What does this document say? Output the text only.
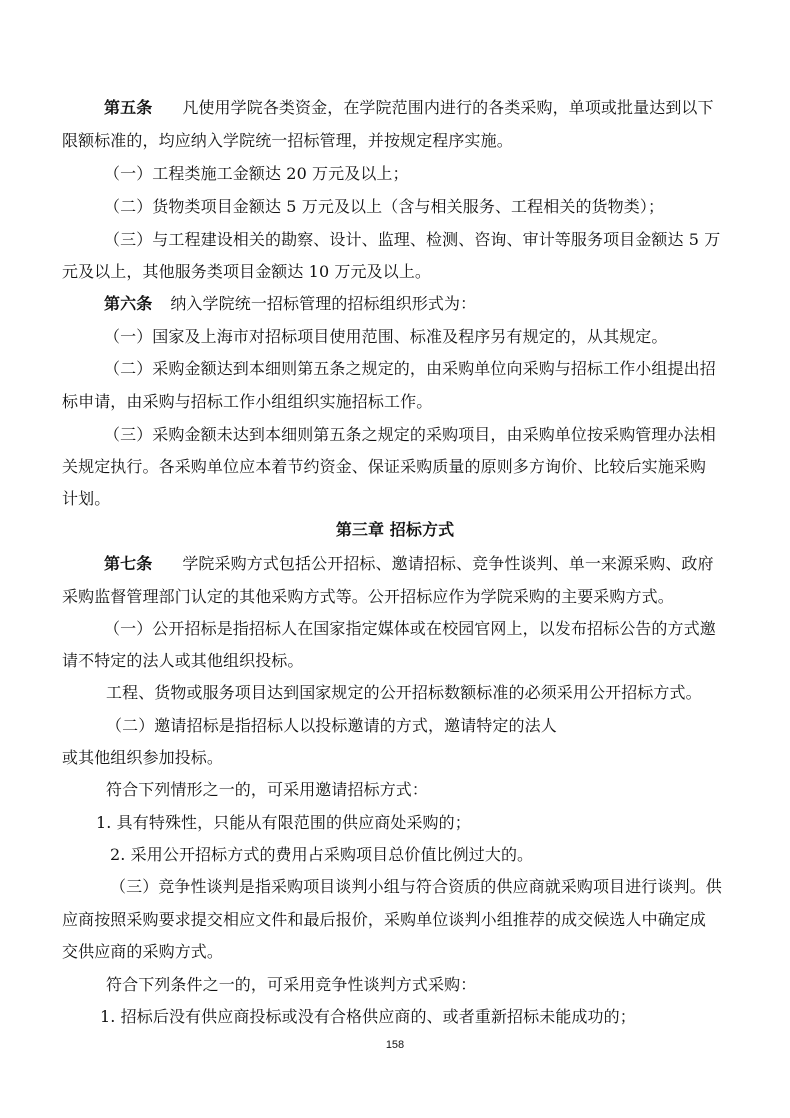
第五条 凡使用学院各类资金，在学院范围内进行的各类采购，单项或批量达到以下
限额标准的，均应纳入学院统一招标管理，并按规定程序实施。
（一）工程类施工金额达 20 万元及以上；
（二）货物类项目金额达 5 万元及以上（含与相关服务、工程相关的货物类）；
（三）与工程建设相关的勘察、设计、监理、检测、咨询、审计等服务项目金额达 5 万
元及以上，其他服务类项目金额达 10 万元及以上。
第六条 纳入学院统一招标管理的招标组织形式为：
（一）国家及上海市对招标项目使用范围、标准及程序另有规定的，从其规定。
（二）采购金额达到本细则第五条之规定的，由采购单位向采购与招标工作小组提出招
标申请，由采购与招标工作小组组织实施招标工作。
（三）采购金额未达到本细则第五条之规定的采购项目，由采购单位按采购管理办法相
关规定执行。各采购单位应本着节约资金、保证采购质量的原则多方询价、比较后实施采购
计划。
第三章 招标方式
第七条 学院采购方式包括公开招标、邀请招标、竞争性谈判、单一来源采购、政府
采购监督管理部门认定的其他采购方式等。公开招标应作为学院采购的主要采购方式。
（一）公开招标是指招标人在国家指定媒体或在校园官网上，以发布招标公告的方式邀
请不特定的法人或其他组织投标。
工程、货物或服务项目达到国家规定的公开招标数额标准的必须采用公开招标方式。
（二）邀请招标是指招标人以投标邀请的方式，邀请特定的法人
或其他组织参加投标。
符合下列情形之一的，可采用邀请招标方式：
1. 具有特殊性，只能从有限范围的供应商处采购的；
2. 采用公开招标方式的费用占采购项目总价值比例过大的。
（三）竞争性谈判是指采购项目谈判小组与符合资质的供应商就采购项目进行谈判。供
应商按照采购要求提交相应文件和最后报价，采购单位谈判小组推荐的成交候选人中确定成
交供应商的采购方式。
符合下列条件之一的，可采用竞争性谈判方式采购：
1. 招标后没有供应商投标或没有合格供应商的、或者重新招标未能成功的；
158
